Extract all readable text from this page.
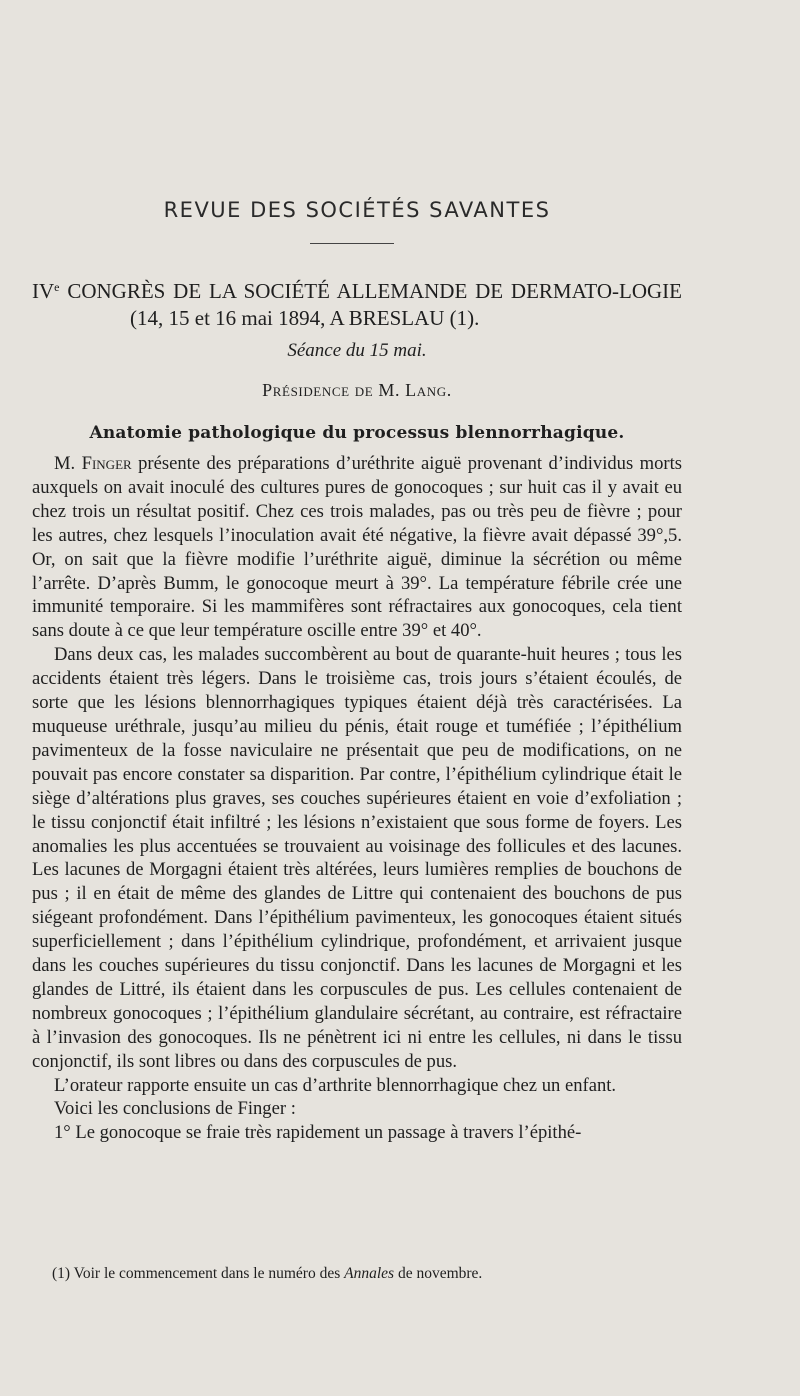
REVUE DES SOCIÉTÉS SAVANTES
IVe CONGRÈS DE LA SOCIÉTÉ ALLEMANDE DE DERMATO-LOGIE (14, 15 et 16 mai 1894, A BRESLAU (1).
Séance du 15 mai.
Présidence de M. Lang.
Anatomie pathologique du processus blennorrhagique.

M. Finger présente des préparations d’uréthrite aiguë provenant d’individus morts auxquels on avait inoculé des cultures pures de gonocoques ; sur huit cas il y avait eu chez trois un résultat positif. Chez ces trois malades, pas ou très peu de fièvre ; pour les autres, chez lesquels l’inoculation avait été négative, la fièvre avait dépassé 39°,5. Or, on sait que la fièvre modifie l’uréthrite aiguë, diminue la sécrétion ou même l’arrête. D’après Bumm, le gonocoque meurt à 39°. La température fébrile crée une immunité temporaire. Si les mammifères sont réfractaires aux gonocoques, cela tient sans doute à ce que leur température oscille entre 39° et 40°.

Dans deux cas, les malades succombèrent au bout de quarante-huit heures ; tous les accidents étaient très légers. Dans le troisième cas, trois jours s’étaient écoulés, de sorte que les lésions blennorrhagiques typiques étaient déjà très caractérisées. La muqueuse uréthrale, jusqu’au milieu du pénis, était rouge et tuméfiée ; l’épithélium pavimenteux de la fosse naviculaire ne présentait que peu de modifications, on ne pouvait pas encore constater sa disparition. Par contre, l’épithélium cylindrique était le siège d’altérations plus graves, ses couches supérieures étaient en voie d’exfoliation ; le tissu conjonctif était infiltré ; les lésions n’existaient que sous forme de foyers. Les anomalies les plus accentuées se trouvaient au voisinage des follicules et des lacunes. Les lacunes de Morgagni étaient très altérées, leurs lumières remplies de bouchons de pus ; il en était de même des glandes de Littre qui contenaient des bouchons de pus siégeant profondément. Dans l’épithélium pavimenteux, les gonocoques étaient situés superficiellement ; dans l’épithélium cylindrique, profondément, et arrivaient jusque dans les couches supérieures du tissu conjonctif. Dans les lacunes de Morgagni et les glandes de Littré, ils étaient dans les corpuscules de pus. Les cellules contenaient de nombreux gonocoques ; l’épithélium glandulaire sécrétant, au contraire, est réfractaire à l’invasion des gonocoques. Ils ne pénètrent ici ni entre les cellules, ni dans le tissu conjonctif, ils sont libres ou dans des corpuscules de pus.

L’orateur rapporte ensuite un cas d’arthrite blennorrhagique chez un enfant.

Voici les conclusions de Finger :

1° Le gonocoque se fraie très rapidement un passage à travers l’épithé-

(1) Voir le commencement dans le numéro des Annales de novembre.
